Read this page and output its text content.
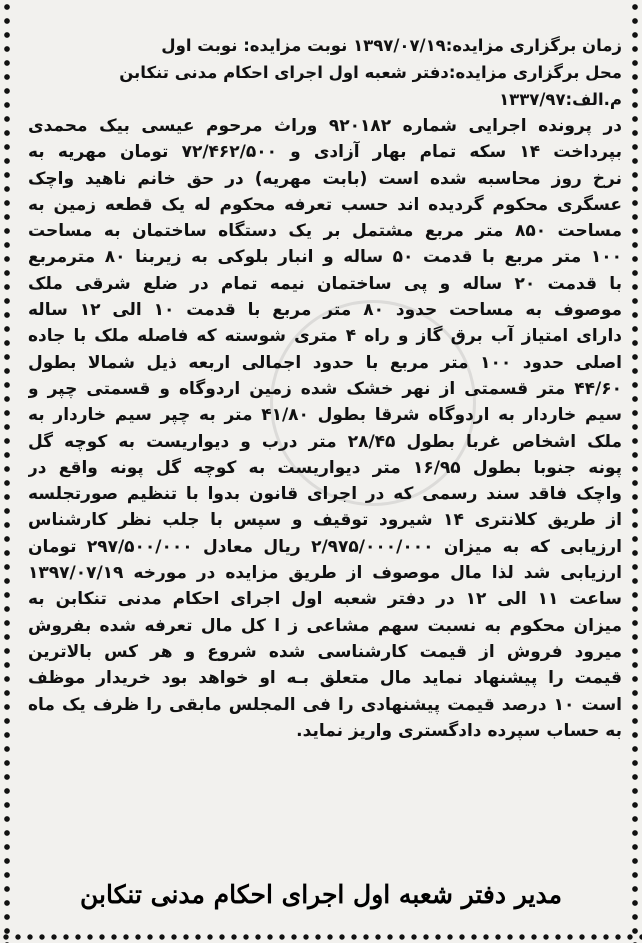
زمان برگزاری مزایده:۱۳۹۷/۰۷/۱۹ نوبت مزایده: نوبت اول

محل برگزاری مزایده:دفتر شعبه اول اجرای احکام مدنی تنکابن

م.الف:۱۳۳۷/۹۷

در پرونده اجرایی شماره ۹۲۰۱۸۲ وراث مرحوم عیسی بیک محمدی
بپرداخت ۱۴ سکه تمام بهار آزادی و ۷۲/۴۶۲/۵۰۰ تومان مهریه به
نرخ روز محاسبه شده است (بابت مهریه) در حق خانم ناهید واچک
عسگری محکوم گردیده اند حسب تعرفه محکوم له یک قطعه زمین به
مساحت ۸۵۰ متر مربع مشتمل بر یک دستگاه ساختمان به مساحت
۱۰۰ متر مربع با قدمت ۵۰ ساله و انبار بلوکی به زیربنا ۸۰ مترمربع
با قدمت ۲۰ ساله و پی ساختمان نیمه تمام در ضلع شرقی ملک
موصوف به مساحت حدود ۸۰ متر مربع با قدمت ۱۰ الی ۱۲ ساله
دارای امتیاز آب برق گاز و راه ۴ متری شوسته که فاصله ملک با جاده
اصلی حدود ۱۰۰ متر مربع با حدود اجمالی اربعه ذیل شمالا بطول
۴۴/۶۰ متر قسمتی از نهر خشک شده زمین اردوگاه و قسمتی چپر و
سیم خاردار به اردوگاه شرقا بطول ۴۱/۸۰ متر به چپر سیم خاردار به
ملک اشخاص غربا بطول ۲۸/۴۵ متر درب و دیواریست به کوچه گل
پونه جنوبا بطول ۱۶/۹۵ متر دیواریست به کوچه گل پونه واقع در
واچک فاقد سند رسمی که در اجرای قانون بدوا با تنظیم صورتجلسه
از طریق کلانتری ۱۴ شیرود توقیف و سپس با جلب نظر کارشناس
ارزیابی که به میزان ۲/۹۷۵/۰۰۰/۰۰۰ ریال معادل ۲۹۷/۵۰۰/۰۰۰ تومان
ارزیابی شد لذا مال موصوف از طریق مزایده در مورخه ۱۳۹۷/۰۷/۱۹
ساعت ۱۱ الی ۱۲ در دفتر شعبه اول اجرای احکام مدنی تنکابن به
میزان محکوم به نسبت سهم مشاعی ز ا کل مال تعرفه شده بفروش
میرود فروش از قیمت کارشناسی شده شروع و هر کس بالاترین
قیمت را پیشنهاد نماید مال متعلق بـه او خواهد بود خریدار موظف
است ۱۰ درصد قیمت پیشنهادی را فی المجلس مابقی را ظرف یک ماه
به حساب سپرده دادگستری واریز نماید.
مدیر دفتر شعبه اول اجرای احکام مدنی تنکابن
